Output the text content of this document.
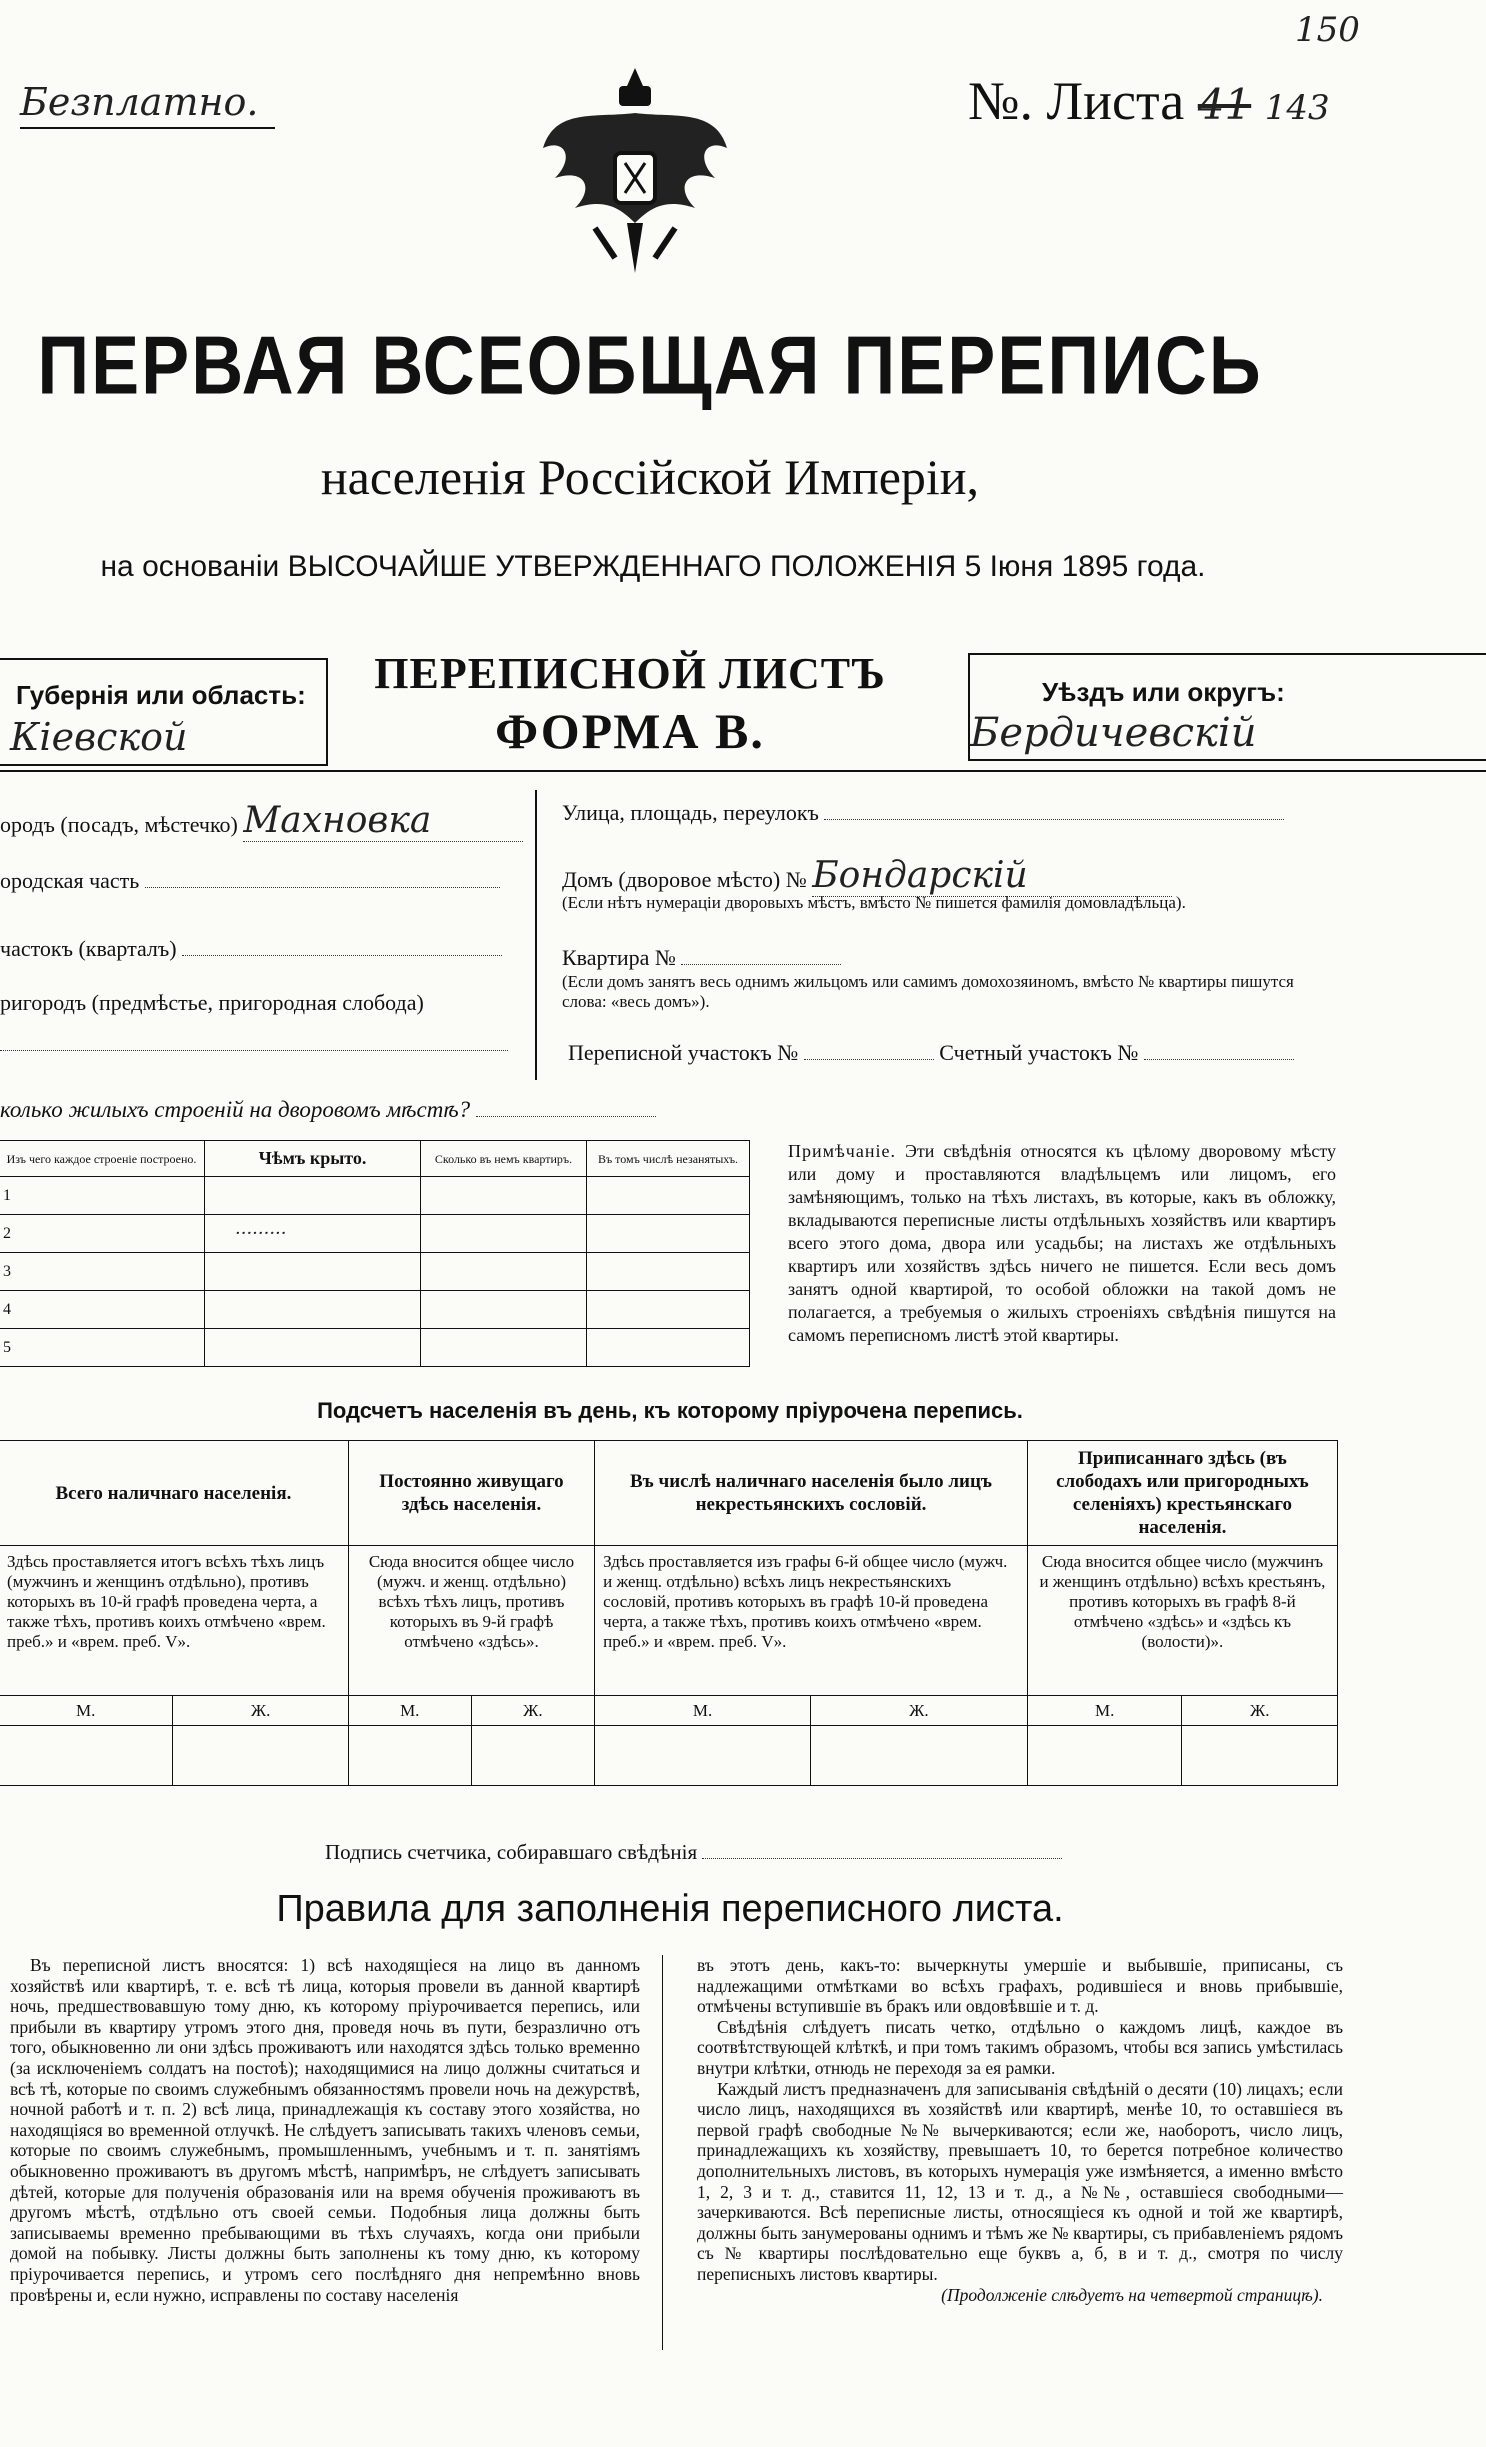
Безплатно.	№. Листа 41 143
150
ПЕРВАЯ ВСЕОБЩАЯ ПЕРЕПИСЬ
населенія Россійской Имперіи,
на основаніи ВЫСОЧАЙШЕ УТВЕРЖДЕННАГО ПОЛОЖЕНІЯ 5 Іюня 1895 года.
Губернія или область:
Кiевской
ПЕРЕПИСНОЙ ЛИСТЪ
ФОРМА В.
Уѣздъ или округъ:
Бердичевскiй
ородъ (посадъ, мѣстечко) Махновка
ородская часть
частокъ (кварталъ)
ригородъ (предмѣстье, пригородная слобода)
Улица, площадь, переулокъ
Домъ (дворовое мѣсто) № Бондарскiй
(Если нѣтъ нумераціи дворовыхъ мѣстъ, вмѣсто № пишется фамилія домовладѣльца).
Квартира №
(Если домъ занятъ весь однимъ жильцомъ или самимъ домохозяиномъ, вмѣсто № квартиры пишутся слова: «весь домъ»).
Переписной участокъ №	Счетный участокъ №
колько жилыхъ строеній на дворовомъ мѣстѣ?
Изъ чего каждое строеніе построено.	Чѣмъ крыто.	Сколько въ немъ квартиръ.	Въ томъ числѣ незанятыхъ.
1			
2	·········		
3			
4			
5			
Примѣчаніе. Эти свѣдѣнія относятся къ цѣлому дворовому мѣсту или дому и проставляются владѣльцемъ или лицомъ, его замѣняющимъ, только на тѣхъ листахъ, въ которые, какъ въ обложку, вкладываются переписные листы отдѣльныхъ хозяйствъ или квартиръ всего этого дома, двора или усадьбы; на листахъ же отдѣльныхъ квартиръ или хозяйствъ здѣсь ничего не пишется. Если весь домъ занятъ одной квартирой, то особой обложки на такой домъ не полагается, а требуемыя о жилыхъ строеніяхъ свѣдѣнія пишутся на самомъ переписномъ листѣ этой квартиры.
Подсчетъ населенія въ день, къ которому пріурочена перепись.
Всего наличнаго населенія.		Постоянно живущаго здѣсь населенія.		Въ числѣ наличнаго населенія было лицъ некрестьянскихъ сословій.		Приписаннаго здѣсь (въ слободахъ или пригородныхъ селеніяхъ) крестьянскаго населенія.	
Здѣсь проставляется итогъ всѣхъ тѣхъ лицъ (мужчинъ и женщинъ отдѣльно), противъ которыхъ въ 10-й графѣ проведена черта, а также тѣхъ, противъ коихъ отмѣчено «врем. преб.» и «врем. преб. V».		Сюда вносится общее число (мужч. и женщ. отдѣльно) всѣхъ тѣхъ лицъ, противъ которыхъ въ 9-й графѣ отмѣчено «здѣсь».		Здѣсь проставляется изъ графы 6-й общее число (мужч. и женщ. отдѣльно) всѣхъ лицъ некрестьянскихъ сословій, противъ которыхъ въ графѣ 10-й проведена черта, а также тѣхъ, противъ коихъ отмѣчено «врем. преб.» и «врем. преб. V».		Сюда вносится общее число (мужчинъ и женщинъ отдѣльно) всѣхъ крестьянъ, противъ которыхъ въ графѣ 8-й отмѣчено «здѣсь» и «здѣсь къ (волости)».	
М.	Ж.	М.	Ж.	М.	Ж.	М.	Ж.

Подпись счетчика, собиравшаго свѣдѣнія
Правила для заполненія переписного листа.
Въ переписной листъ вносятся: 1) всѣ находящіеся на лицо въ данномъ хозяйствѣ или квартирѣ, т. е. всѣ тѣ лица, которыя провели въ данной квартирѣ ночь, предшествовавшую тому дню, къ которому пріурочивается перепись, или прибыли въ квартиру утромъ этого дня, проведя ночь въ пути, безразлично отъ того, обыкновенно ли они здѣсь проживаютъ или находятся здѣсь только временно (за исключеніемъ солдатъ на постоѣ); находящимися на лицо должны считаться и всѣ тѣ, которые по своимъ служебнымъ обязанностямъ провели ночь на дежурствѣ, ночной работѣ и т. п. 2) всѣ лица, принадлежащія къ составу этого хозяйства, но находящіяся во временной отлучкѣ. Не слѣдуетъ записывать такихъ членовъ семьи, которые по своимъ служебнымъ, промышленнымъ, учебнымъ и т. п. занятіямъ обыкновенно проживаютъ въ другомъ мѣстѣ, напримѣръ, не слѣдуетъ записывать дѣтей, которые для полученія образованія или на время обученія проживаютъ въ другомъ мѣстѣ, отдѣльно отъ своей семьи. Подобныя лица должны быть записываемы временно пребывающими въ тѣхъ случаяхъ, когда они прибыли домой на побывку. Листы должны быть заполнены къ тому дню, къ которому пріурочивается перепись, и утромъ сего послѣдняго дня непремѣнно вновь провѣрены и, если нужно, исправлены по составу населенія
въ этотъ день, какъ-то: вычеркнуты умершіе и выбывшіе, приписаны, съ надлежащими отмѣтками во всѣхъ графахъ, родившіеся и вновь прибывшіе, отмѣчены вступившіе въ бракъ или овдовѣвшіе и т. д.
Свѣдѣнія слѣдуетъ писать четко, отдѣльно о каждомъ лицѣ, каждое въ соотвѣтствующей клѣткѣ, и при томъ такимъ образомъ, чтобы вся запись умѣстилась внутри клѣтки, отнюдь не переходя за ея рамки.
Каждый листъ предназначенъ для записыванія свѣдѣній о десяти (10) лицахъ; если число лицъ, находящихся въ хозяйствѣ или квартирѣ, менѣе 10, то оставшіеся въ первой графѣ свободные №№ вычеркиваются; если же, наоборотъ, число лицъ, принадлежащихъ къ хозяйству, превышаетъ 10, то берется потребное количество дополнительныхъ листовъ, въ которыхъ нумерація уже измѣняется, а именно вмѣсто 1, 2, 3 и т. д., ставится 11, 12, 13 и т. д., а №№, оставшіеся свободными—зачеркиваются. Всѣ переписные листы, относящіеся къ одной и той же квартирѣ, должны быть занумерованы однимъ и тѣмъ же № квартиры, съ прибавленіемъ рядомъ съ № квартиры послѣдовательно еще буквъ а, б, в и т. д., смотря по числу переписныхъ листовъ квартиры.
(Продолженіе слѣдуетъ на четвертой страницѣ).
